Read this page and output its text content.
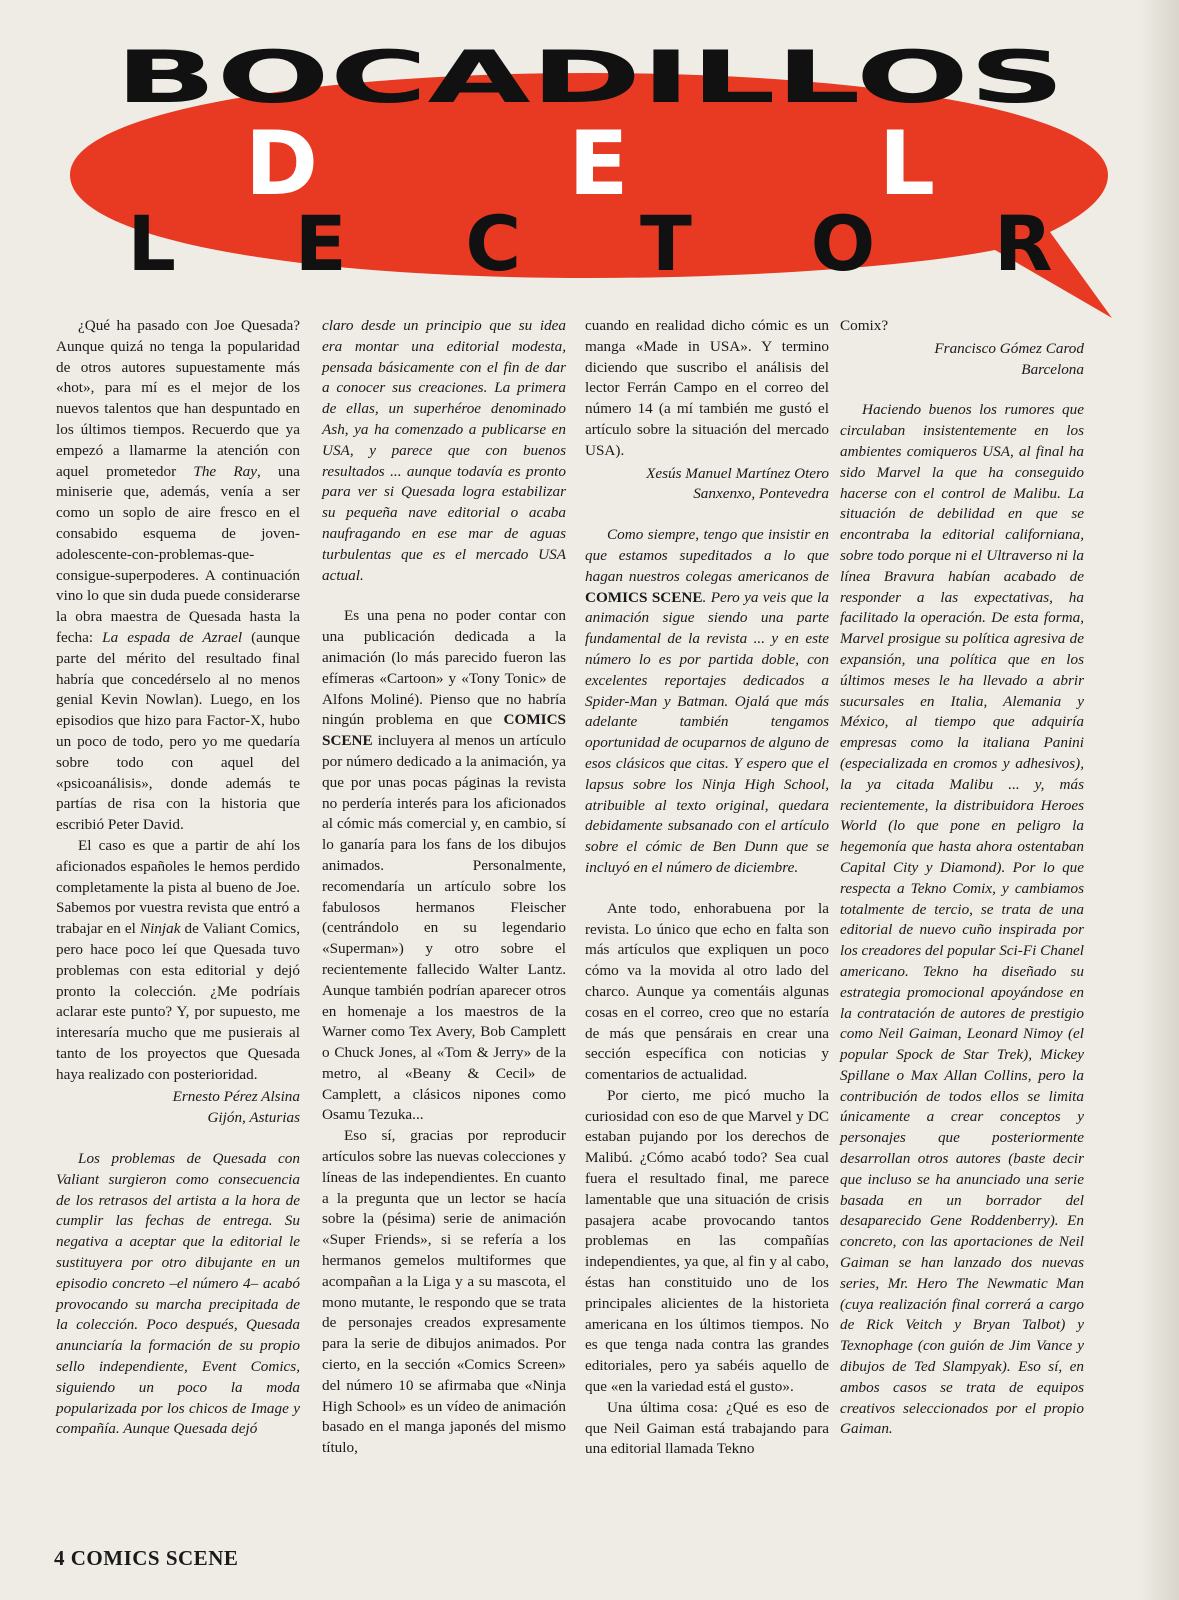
BOCADILLOS
DEL
LECTOR

¿Qué ha pasado con Joe Quesada? Aunque quizá no tenga la popularidad de otros autores supuestamente más «hot», para mí es el mejor de los nuevos talentos que han despuntado en los últimos tiempos. Recuerdo que ya empezó a llamarme la atención con aquel prometedor The Ray, una miniserie que, además, venía a ser como un soplo de aire fresco en el consabido esquema de joven-adolescente-con-problemas-que-consigue-superpoderes. A continuación vino lo que sin duda puede considerarse la obra maestra de Quesada hasta la fecha: La espada de Azrael (aunque parte del mérito del resultado final habría que concedérselo al no menos genial Kevin Nowlan). Luego, en los episodios que hizo para Factor-X, hubo un poco de todo, pero yo me quedaría sobre todo con aquel del «psicoanálisis», donde además te partías de risa con la historia que escribió Peter David.

El caso es que a partir de ahí los aficionados españoles le hemos perdido completamente la pista al bueno de Joe. Sabemos por vuestra revista que entró a trabajar en el Ninjak de Valiant Comics, pero hace poco leí que Quesada tuvo problemas con esta editorial y dejó pronto la colección. ¿Me podríais aclarar este punto? Y, por supuesto, me interesaría mucho que me pusierais al tanto de los proyectos que Quesada haya realizado con posterioridad.

Ernesto Pérez Alsina
Gijón, Asturias

Los problemas de Quesada con Valiant surgieron como consecuencia de los retrasos del artista a la hora de cumplir las fechas de entrega. Su negativa a aceptar que la editorial le sustituyera por otro dibujante en un episodio concreto –el número 4– acabó provocando su marcha precipitada de la colección. Poco después, Quesada anunciaría la formación de su propio sello independiente, Event Comics, siguiendo un poco la moda popularizada por los chicos de Image y compañía. Aunque Quesada dejó

claro desde un principio que su idea era montar una editorial modesta, pensada básicamente con el fin de dar a conocer sus creaciones. La primera de ellas, un superhéroe denominado Ash, ya ha comenzado a publicarse en USA, y parece que con buenos resultados ... aunque todavía es pronto para ver si Quesada logra estabilizar su pequeña nave editorial o acaba naufragando en ese mar de aguas turbulentas que es el mercado USA actual.

Es una pena no poder contar con una publicación dedicada a la animación (lo más parecido fueron las efímeras «Cartoon» y «Tony Tonic» de Alfons Moliné). Pienso que no habría ningún problema en que COMICS SCENE incluyera al menos un artículo por número dedicado a la animación, ya que por unas pocas páginas la revista no perdería interés para los aficionados al cómic más comercial y, en cambio, sí lo ganaría para los fans de los dibujos animados. Personalmente, recomendaría un artículo sobre los fabulosos hermanos Fleischer (centrándolo en su legendario «Superman») y otro sobre el recientemente fallecido Walter Lantz. Aunque también podrían aparecer otros en homenaje a los maestros de la Warner como Tex Avery, Bob Camplett o Chuck Jones, al «Tom & Jerry» de la metro, al «Beany & Cecil» de Camplett, a clásicos nipones como Osamu Tezuka...

Eso sí, gracias por reproducir artículos sobre las nuevas colecciones y líneas de las independientes. En cuanto a la pregunta que un lector se hacía sobre la (pésima) serie de animación «Super Friends», si se refería a los hermanos gemelos multiformes que acompañan a la Liga y a su mascota, el mono mutante, le respondo que se trata de personajes creados expresamente para la serie de dibujos animados. Por cierto, en la sección «Comics Screen» del número 10 se afirmaba que «Ninja High School» es un vídeo de animación basado en el manga japonés del mismo título,

cuando en realidad dicho cómic es un manga «Made in USA». Y termino diciendo que suscribo el análisis del lector Ferrán Campo en el correo del número 14 (a mí también me gustó el artículo sobre la situación del mercado USA).

Xesús Manuel Martínez Otero
Sanxenxo, Pontevedra

Como siempre, tengo que insistir en que estamos supeditados a lo que hagan nuestros colegas americanos de COMICS SCENE. Pero ya veis que la animación sigue siendo una parte fundamental de la revista ... y en este número lo es por partida doble, con excelentes reportajes dedicados a Spider-Man y Batman. Ojalá que más adelante también tengamos oportunidad de ocuparnos de alguno de esos clásicos que citas. Y espero que el lapsus sobre los Ninja High School, atribuible al texto original, quedara debidamente subsanado con el artículo sobre el cómic de Ben Dunn que se incluyó en el número de diciembre.

Ante todo, enhorabuena por la revista. Lo único que echo en falta son más artículos que expliquen un poco cómo va la movida al otro lado del charco. Aunque ya comentáis algunas cosas en el correo, creo que no estaría de más que pensárais en crear una sección específica con noticias y comentarios de actualidad.

Por cierto, me picó mucho la curiosidad con eso de que Marvel y DC estaban pujando por los derechos de Malibú. ¿Cómo acabó todo? Sea cual fuera el resultado final, me parece lamentable que una situación de crisis pasajera acabe provocando tantos problemas en las compañías independientes, ya que, al fin y al cabo, éstas han constituido uno de los principales alicientes de la historieta americana en los últimos tiempos. No es que tenga nada contra las grandes editoriales, pero ya sabéis aquello de que «en la variedad está el gusto».

Una última cosa: ¿Qué es eso de que Neil Gaiman está trabajando para una editorial llamada Tekno

Comix?

Francisco Gómez Carod
Barcelona

Haciendo buenos los rumores que circulaban insistentemente en los ambientes comiqueros USA, al final ha sido Marvel la que ha conseguido hacerse con el control de Malibu. La situación de debilidad en que se encontraba la editorial californiana, sobre todo porque ni el Ultraverso ni la línea Bravura habían acabado de responder a las expectativas, ha facilitado la operación. De esta forma, Marvel prosigue su política agresiva de expansión, una política que en los últimos meses le ha llevado a abrir sucursales en Italia, Alemania y México, al tiempo que adquiría empresas como la italiana Panini (especializada en cromos y adhesivos), la ya citada Malibu ... y, más recientemente, la distribuidora Heroes World (lo que pone en peligro la hegemonía que hasta ahora ostentaban Capital City y Diamond). Por lo que respecta a Tekno Comix, y cambiamos totalmente de tercio, se trata de una editorial de nuevo cuño inspirada por los creadores del popular Sci-Fi Chanel americano. Tekno ha diseñado su estrategia promocional apoyándose en la contratación de autores de prestigio como Neil Gaiman, Leonard Nimoy (el popular Spock de Star Trek), Mickey Spillane o Max Allan Collins, pero la contribución de todos ellos se limita únicamente a crear conceptos y personajes que posteriormente desarrollan otros autores (baste decir que incluso se ha anunciado una serie basada en un borrador del desaparecido Gene Roddenberry). En concreto, con las aportaciones de Neil Gaiman se han lanzado dos nuevas series, Mr. Hero The Newmatic Man (cuya realización final correrá a cargo de Rick Veitch y Bryan Talbot) y Texnophage (con guión de Jim Vance y dibujos de Ted Slampyak). Eso sí, en ambos casos se trata de equipos creativos seleccionados por el propio Gaiman.

4 COMICS SCENE
